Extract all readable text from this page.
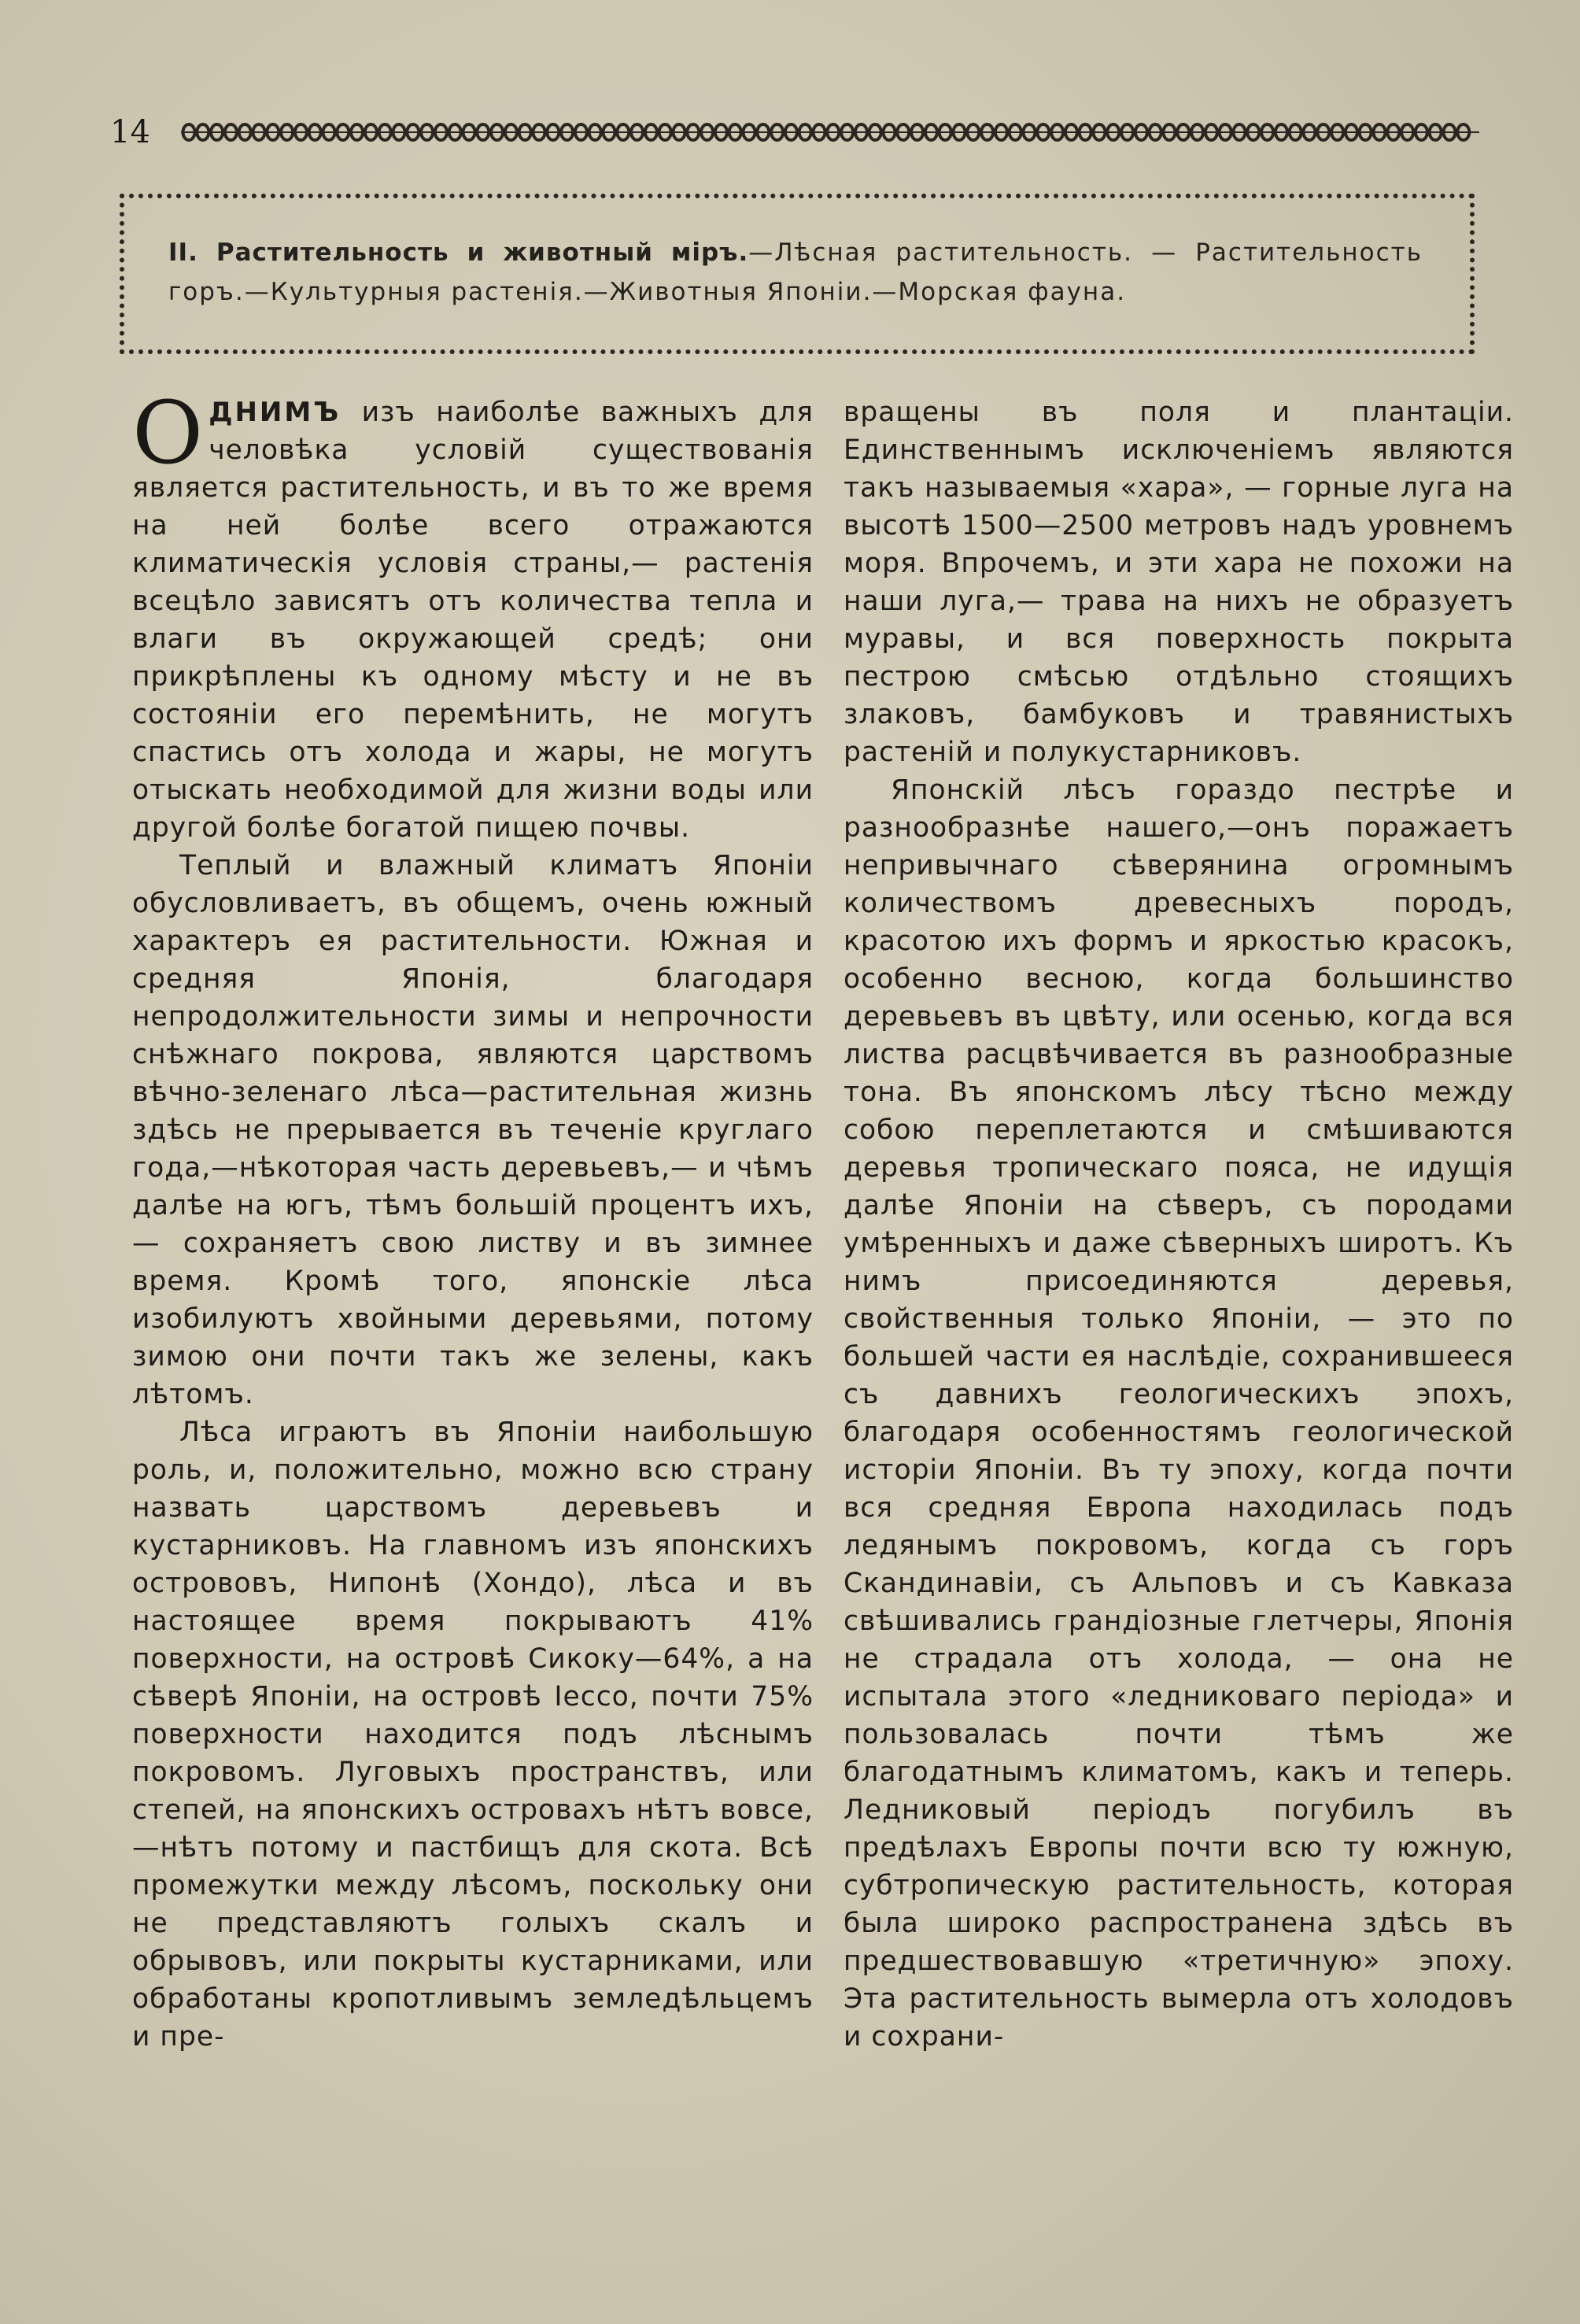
14
II. Растительность и животный міръ.—Лѣсная растительность. — Растительность горъ.—Культурныя растенія.—Животныя Японіи.—Морская фауна.

ОДНИМЪ изъ наиболѣе важныхъ для человѣка условій существованія является растительность, и въ то же время на ней болѣе всего отражаются климатическія условія страны,— растенія всецѣло зависятъ отъ количества тепла и влаги въ окружающей средѣ; они прикрѣплены къ одному мѣсту и не въ состояніи его перемѣнить, не могутъ спастись отъ холода и жары, не могутъ отыскать необходимой для жизни воды или другой болѣе богатой пищею почвы.

Теплый и влажный климатъ Японіи обусловливаетъ, въ общемъ, очень южный характеръ ея растительности. Южная и средняя Японія, благодаря непродолжительности зимы и непрочности снѣжнаго покрова, являются царствомъ вѣчно-зеленаго лѣса—растительная жизнь здѣсь не прерывается въ теченіе круглаго года,—нѣкоторая часть деревьевъ,— и чѣмъ далѣе на югъ, тѣмъ большій процентъ ихъ, — сохраняетъ свою листву и въ зимнее время. Кромѣ того, японскіе лѣса изобилуютъ хвойными деревьями, потому зимою они почти такъ же зелены, какъ лѣтомъ.

Лѣса играютъ въ Японіи наибольшую роль, и, положительно, можно всю страну назвать царствомъ деревьевъ и кустарниковъ. На главномъ изъ японскихъ острововъ, Нипонѣ (Хондо), лѣса и въ настоящее время покрываютъ 41% поверхности, на островѣ Сикоку—64%, а на сѣверѣ Японіи, на островѣ Іессо, почти 75% поверхности находится подъ лѣснымъ покровомъ. Луговыхъ пространствъ, или степей, на японскихъ островахъ нѣтъ вовсе,—нѣтъ потому и пастбищъ для скота. Всѣ промежутки между лѣсомъ, поскольку они не представляютъ голыхъ скалъ и обрывовъ, или покрыты кустарниками, или обработаны кропотливымъ земледѣльцемъ и пре-

вращены въ поля и плантаціи. Единственнымъ исключеніемъ являются такъ называемыя «хара», — горные луга на высотѣ 1500—2500 метровъ надъ уровнемъ моря. Впрочемъ, и эти хара не похожи на наши луга,— трава на нихъ не образуетъ муравы, и вся поверхность покрыта пестрою смѣсью отдѣльно стоящихъ злаковъ, бамбуковъ и травянистыхъ растеній и полукустарниковъ.

Японскій лѣсъ гораздо пестрѣе и разнообразнѣе нашего,—онъ поражаетъ непривычнаго сѣверянина огромнымъ количествомъ древесныхъ породъ, красотою ихъ формъ и яркостью красокъ, особенно весною, когда большинство деревьевъ въ цвѣту, или осенью, когда вся листва расцвѣчивается въ разнообразные тона. Въ японскомъ лѣсу тѣсно между собою переплетаются и смѣшиваются деревья тропическаго пояса, не идущія далѣе Японіи на сѣверъ, съ породами умѣренныхъ и даже сѣверныхъ широтъ. Къ нимъ присоединяются деревья, свойственныя только Японіи, — это по большей части ея наслѣдіе, сохранившееся съ давнихъ геологическихъ эпохъ, благодаря особенностямъ геологической исторіи Японіи. Въ ту эпоху, когда почти вся средняя Европа находилась подъ ледянымъ покровомъ, когда съ горъ Скандинавіи, съ Альповъ и съ Кавказа свѣшивались грандіозные глетчеры, Японія не страдала отъ холода, — она не испытала этого «ледниковаго періода» и пользовалась почти тѣмъ же благодатнымъ климатомъ, какъ и теперь. Ледниковый періодъ погубилъ въ предѣлахъ Европы почти всю ту южную, субтропическую растительность, которая была широко распространена здѣсь въ предшествовавшую «третичную» эпоху. Эта растительность вымерла отъ холодовъ и сохрани-
